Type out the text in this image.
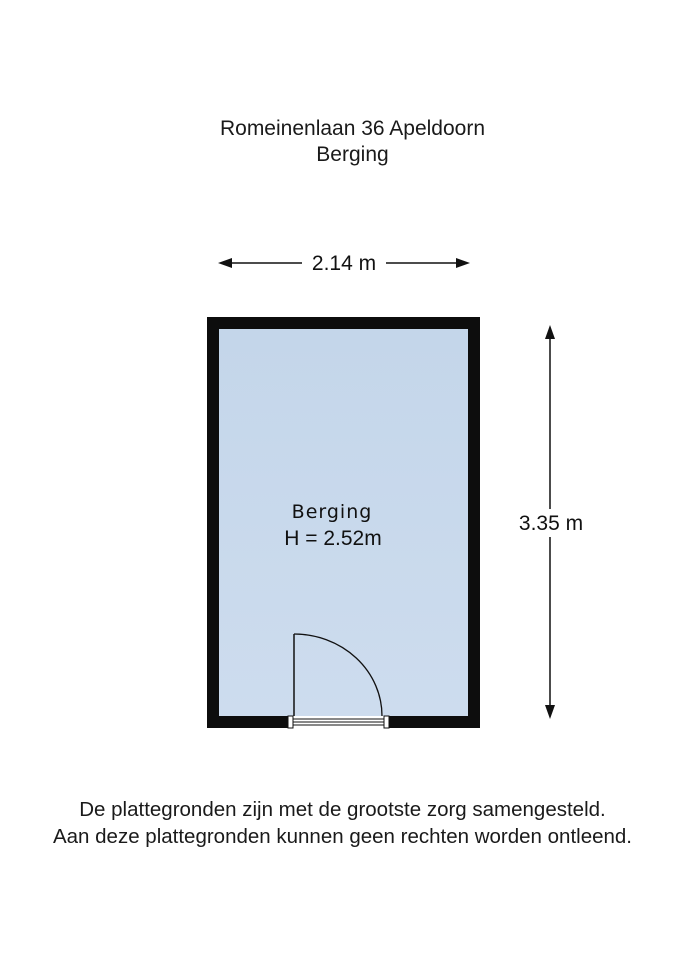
Romeinenlaan 36 Apeldoorn
Berging
2.14 m
3.35 m
Berging
H = 2.52m
De plattegronden zijn met de grootste zorg samengesteld.
Aan deze plattegronden kunnen geen rechten worden ontleend.
